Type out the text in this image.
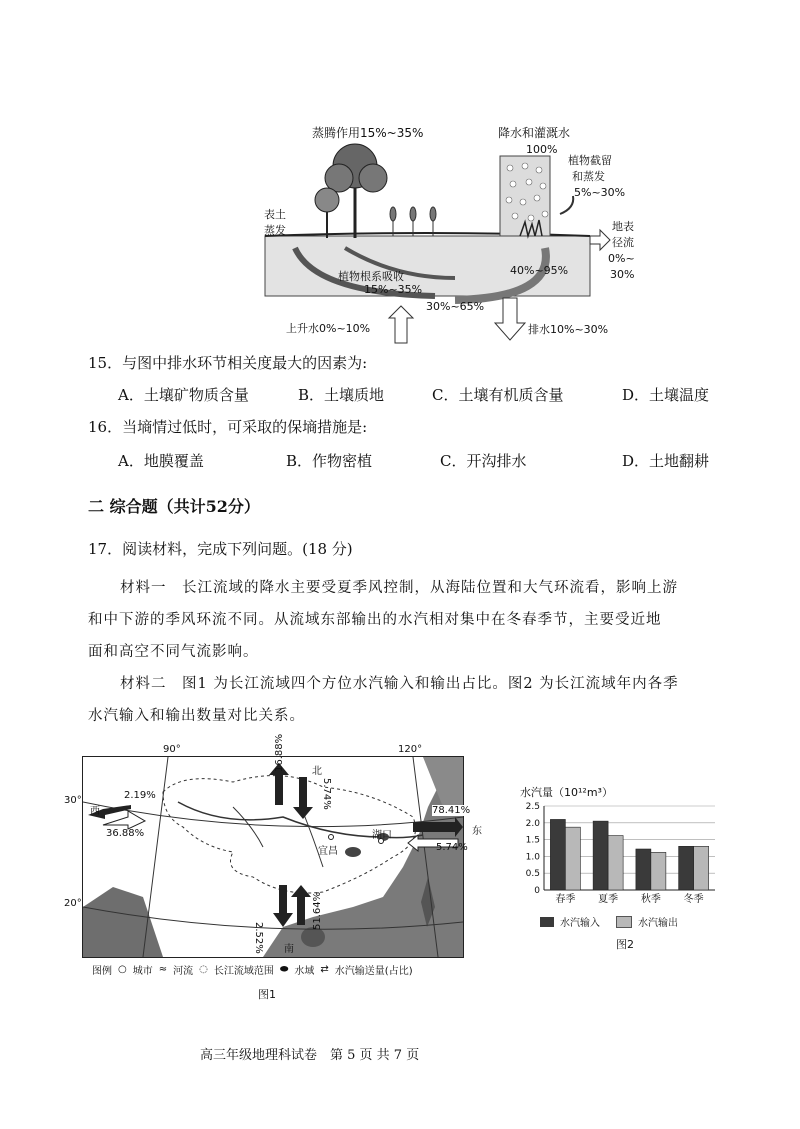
蒸腾作用15%~35%	降水和灌溉水
100%
植物截留
和蒸发
5%~30%
地表
径流
0%~
30%
表土
蒸发
植物根系吸收
15%~35%
40%~95%
30%~65%
上升水0%~10%	排水10%~30%
15．与图中排水环节相关度最大的因素为:
A．土壤矿物质含量	B．土壤质地	C．土壤有机质含量	D．土壤温度
16．当墒情过低时，可采取的保墒措施是:
A．地膜覆盖	B．作物密植	C．开沟排水	D．土地翻耕
二 综合题（共计52分）
17．阅读材料，完成下列问题。(18 分)
材料一　长江流域的降水主要受夏季风控制，从海陆位置和大气环流看，影响上游
和中下游的季风环流不同。从流域东部输出的水汽相对集中在冬春季节，主要受近地
面和高空不同气流影响。
材料二　图1 为长江流域四个方位水汽输入和输出占比。图2 为长江流域年内各季
水汽输入和输出数量对比关系。
90°	120°
30°
20°
西
东
北
南
2.19%
36.88%
16.88%
5.74%
78.41%
5.74%
2.52%
51.64%
宜昌
湖口
图例 ○ 城市 ≈ 河流 ◌ 长江流域范围 ⬬ 水域 ⇄ 水汽输送量(占比)
图1
水汽量（10¹²m³）
0
0.5
1.0
1.5
2.0
2.5
春季 夏季 秋季 冬季
水汽输入	水汽输出
图2
高三年级地理科试卷　第 5 页 共 7 页
